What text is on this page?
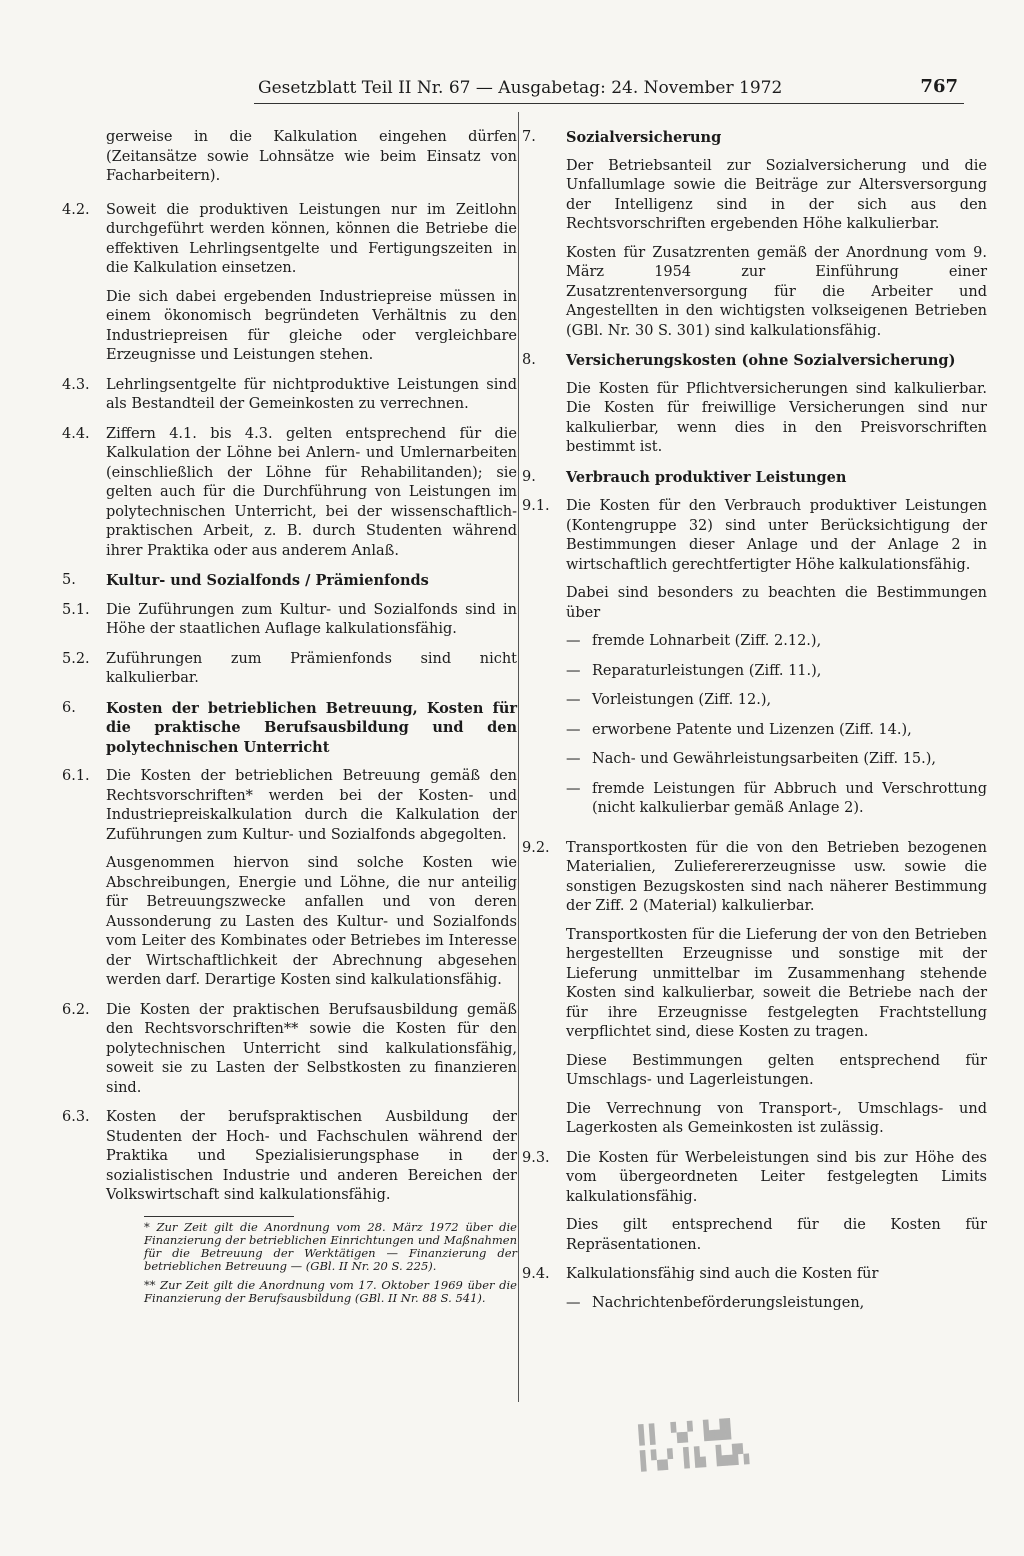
Gesetzblatt Teil II Nr. 67 — Ausgabetag: 24. November 1972	767
gerweise in die Kalkulation eingehen dürfen (Zeitansätze sowie Lohnsätze wie beim Einsatz von Facharbeitern).
4.2.	Soweit die produktiven Leistungen nur im Zeitlohn durchgeführt werden können, können die Betriebe die effektiven Lehrlingsentgelte und Fertigungszeiten in die Kalkulation einsetzen.

Die sich dabei ergebenden Industriepreise müssen in einem ökonomisch begründeten Verhältnis zu den Industriepreisen für gleiche oder vergleichbare Erzeugnisse und Leistungen stehen.

4.3.	Lehrlingsentgelte für nichtproduktive Leistungen sind als Bestandteil der Gemeinkosten zu verrechnen.

4.4.	Ziffern 4.1. bis 4.3. gelten entsprechend für die Kalkulation der Löhne bei Anlern- und Umlernarbeiten (einschließlich der Löhne für Rehabilitanden); sie gelten auch für die Durchführung von Leistungen im polytechnischen Unterricht, bei der wissenschaftlich-praktischen Arbeit, z. B. durch Studenten während ihrer Praktika oder aus anderem Anlaß.

5.	Kultur- und Sozialfonds / Prämienfonds
5.1.	Die Zuführungen zum Kultur- und Sozialfonds sind in Höhe der staatlichen Auflage kalkulationsfähig.

5.2.	Zuführungen zum Prämienfonds sind nicht kalkulierbar.

6.	Kosten der betrieblichen Betreuung, Kosten für die praktische Berufsausbildung und den polytechnischen Unterricht
6.1.	Die Kosten der betrieblichen Betreuung gemäß den Rechtsvorschriften* werden bei der Kosten- und Industriepreiskalkulation durch die Kalkulation der Zuführungen zum Kultur- und Sozialfonds abgegolten.

Ausgenommen hiervon sind solche Kosten wie Abschreibungen, Energie und Löhne, die nur anteilig für Betreuungszwecke anfallen und von deren Aussonderung zu Lasten des Kultur- und Sozialfonds vom Leiter des Kombinates oder Betriebes im Interesse der Wirtschaftlichkeit der Abrechnung abgesehen werden darf. Derartige Kosten sind kalkulationsfähig.

6.2.	Die Kosten der praktischen Berufsausbildung gemäß den Rechtsvorschriften** sowie die Kosten für den polytechnischen Unterricht sind kalkulationsfähig, soweit sie zu Lasten der Selbstkosten zu finanzieren sind.

6.3.	Kosten der berufspraktischen Ausbildung der Studenten der Hoch- und Fachschulen während der Praktika und Spezialisierungsphase in der sozialistischen Industrie und anderen Bereichen der Volkswirtschaft sind kalkulationsfähig.

* Zur Zeit gilt die Anordnung vom 28. März 1972 über die Finanzierung der betrieblichen Einrichtungen und Maßnahmen für die Betreuung der Werktätigen — Finanzierung der betrieblichen Betreuung — (GBl. II Nr. 20 S. 225).
** Zur Zeit gilt die Anordnung vom 17. Oktober 1969 über die Finanzierung der Berufsausbildung (GBl. II Nr. 88 S. 541).
7.	Sozialversicherung

Der Betriebsanteil zur Sozialversicherung und die Unfallumlage sowie die Beiträge zur Altersversorgung der Intelligenz sind in der sich aus den Rechtsvorschriften ergebenden Höhe kalkulierbar.

Kosten für Zusatzrenten gemäß der Anordnung vom 9. März 1954 zur Einführung einer Zusatzrentenversorgung für die Arbeiter und Angestellten in den wichtigsten volkseigenen Betrieben (GBl. Nr. 30 S. 301) sind kalkulationsfähig.

8.	Versicherungskosten (ohne Sozialversicherung)

Die Kosten für Pflichtversicherungen sind kalkulierbar. Die Kosten für freiwillige Versicherungen sind nur kalkulierbar, wenn dies in den Preisvorschriften bestimmt ist.

9.	Verbrauch produktiver Leistungen
9.1.	Die Kosten für den Verbrauch produktiver Leistungen (Kontengruppe 32) sind unter Berücksichtigung der Bestimmungen dieser Anlage und der Anlage 2 in wirtschaftlich gerechtfertigter Höhe kalkulationsfähig.

Dabei sind besonders zu beachten die Bestimmungen über

— fremde Lohnarbeit (Ziff. 2.12.),
— Reparaturleistungen (Ziff. 11.),
— Vorleistungen (Ziff. 12.),
— erworbene Patente und Lizenzen (Ziff. 14.),
— Nach- und Gewährleistungsarbeiten (Ziff. 15.),
— fremde Leistungen für Abbruch und Verschrottung (nicht kalkulierbar gemäß Anlage 2).
9.2.	Transportkosten für die von den Betrieben bezogenen Materialien, Zulieferererzeugnisse usw. sowie die sonstigen Bezugskosten sind nach näherer Bestimmung der Ziff. 2 (Material) kalkulierbar.

Transportkosten für die Lieferung der von den Betrieben hergestellten Erzeugnisse und sonstige mit der Lieferung unmittelbar im Zusammenhang stehende Kosten sind kalkulierbar, soweit die Betriebe nach der für ihre Erzeugnisse festgelegten Frachtstellung verpflichtet sind, diese Kosten zu tragen.

Diese Bestimmungen gelten entsprechend für Umschlags- und Lagerleistungen.

Die Verrechnung von Transport-, Umschlags- und Lagerkosten als Gemeinkosten ist zulässig.

9.3.	Die Kosten für Werbeleistungen sind bis zur Höhe des vom übergeordneten Leiter festgelegten Limits kalkulationsfähig.

Dies gilt entsprechend für die Kosten für Repräsentationen.

9.4.	Kalkulationsfähig sind auch die Kosten für

— Nachrichtenbeförderungsleistungen,
▌▌ ▚▞ ▙▟▌
▌▚▞ ▌▙ ▙▟▚
